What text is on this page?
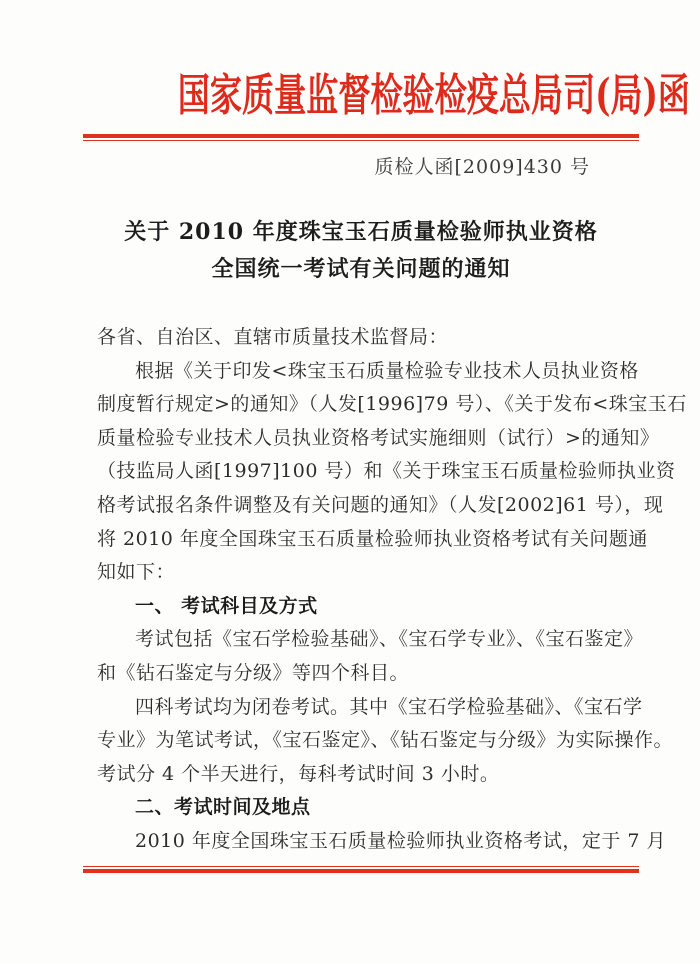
国家质量监督检验检疫总局司(局)函
质检人函[2009]430 号
关于 2010 年度珠宝玉石质量检验师执业资格
全国统一考试有关问题的通知
各省、自治区、直辖市质量技术监督局：
根据《关于印发<珠宝玉石质量检验专业技术人员执业资格
制度暂行规定>的通知》（人发[1996]79 号）、《关于发布<珠宝玉石
质量检验专业技术人员执业资格考试实施细则（试行）>的通知》
（技监局人函[1997]100 号）和《关于珠宝玉石质量检验师执业资
格考试报名条件调整及有关问题的通知》（人发[2002]61 号），现
将 2010 年度全国珠宝玉石质量检验师执业资格考试有关问题通
知如下：
一、 考试科目及方式
考试包括《宝石学检验基础》、《宝石学专业》、《宝石鉴定》
和《钻石鉴定与分级》等四个科目。
四科考试均为闭卷考试。其中《宝石学检验基础》、《宝石学
专业》为笔试考试，《宝石鉴定》、《钻石鉴定与分级》为实际操作。
考试分 4 个半天进行，每科考试时间 3 小时。
二、考试时间及地点
2010 年度全国珠宝玉石质量检验师执业资格考试，定于 7 月
